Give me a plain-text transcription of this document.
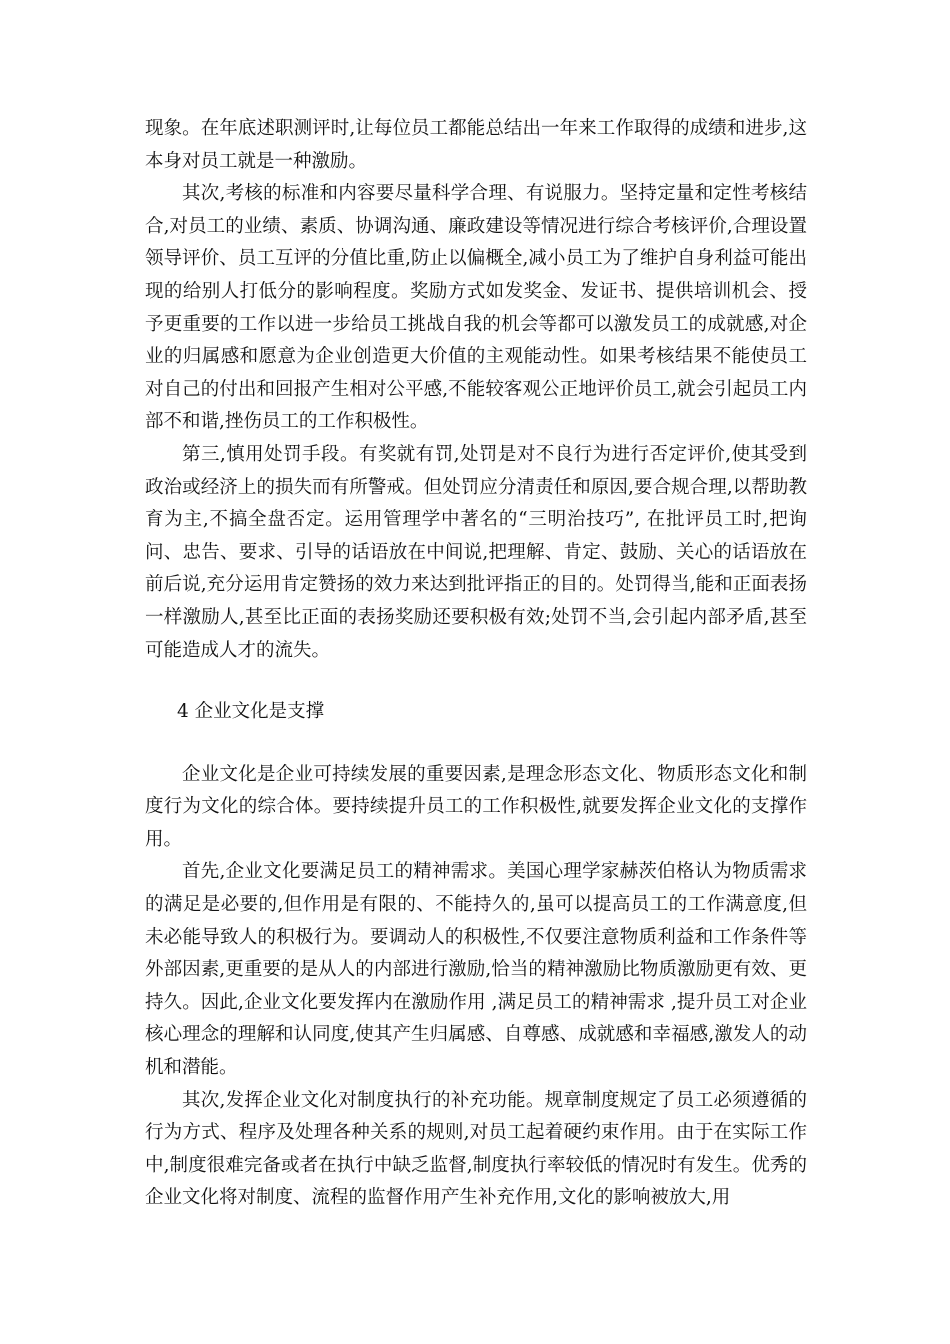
现象。在年底述职测评时,让每位员工都能总结出一年来工作取得的成绩和进步,这本身对员工就是一种激励。

其次,考核的标准和内容要尽量科学合理、有说服力。坚持定量和定性考核结合,对员工的业绩、素质、协调沟通、廉政建设等情况进行综合考核评价,合理设置领导评价、员工互评的分值比重,防止以偏概全,减小员工为了维护自身利益可能出现的给别人打低分的影响程度。奖励方式如发奖金、发证书、提供培训机会、授予更重要的工作以进一步给员工挑战自我的机会等都可以激发员工的成就感,对企业的归属感和愿意为企业创造更大价值的主观能动性。如果考核结果不能使员工对自己的付出和回报产生相对公平感,不能较客观公正地评价员工,就会引起员工内部不和谐,挫伤员工的工作积极性。

第三,慎用处罚手段。有奖就有罚,处罚是对不良行为进行否定评价,使其受到政治或经济上的损失而有所警戒。但处罚应分清责任和原因,要合规合理,以帮助教育为主,不搞全盘否定。运用管理学中著名的“三明治技巧”, 在批评员工时,把询问、忠告、要求、引导的话语放在中间说,把理解、肯定、鼓励、关心的话语放在前后说,充分运用肯定赞扬的效力来达到批评指正的目的。处罚得当,能和正面表扬一样激励人,甚至比正面的表扬奖励还要积极有效;处罚不当,会引起内部矛盾,甚至可能造成人才的流失。

4 企业文化是支撑

企业文化是企业可持续发展的重要因素,是理念形态文化、物质形态文化和制度行为文化的综合体。要持续提升员工的工作积极性,就要发挥企业文化的支撑作用。

首先,企业文化要满足员工的精神需求。美国心理学家赫茨伯格认为物质需求的满足是必要的,但作用是有限的、不能持久的,虽可以提高员工的工作满意度,但未必能导致人的积极行为。要调动人的积极性,不仅要注意物质利益和工作条件等外部因素,更重要的是从人的内部进行激励,恰当的精神激励比物质激励更有效、更持久。因此,企业文化要发挥内在激励作用 ,满足员工的精神需求 ,提升员工对企业核心理念的理解和认同度,使其产生归属感、自尊感、成就感和幸福感,激发人的动机和潜能。

其次,发挥企业文化对制度执行的补充功能。规章制度规定了员工必须遵循的行为方式、程序及处理各种关系的规则,对员工起着硬约束作用。由于在实际工作中,制度很难完备或者在执行中缺乏监督,制度执行率较低的情况时有发生。优秀的企业文化将对制度、流程的监督作用产生补充作用,文化的影响被放大,用
